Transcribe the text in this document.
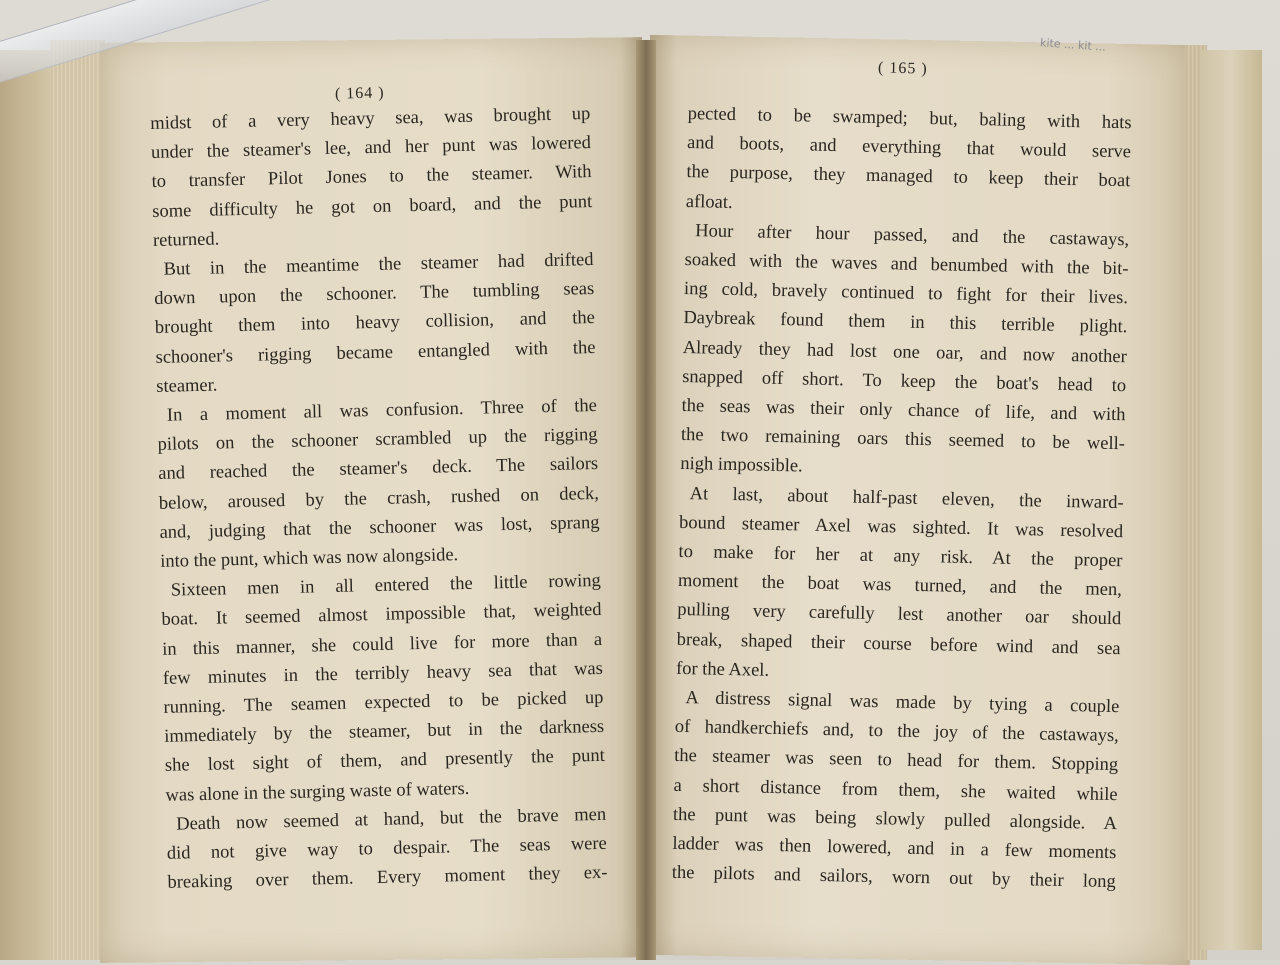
( 164 )
( 165 )
kite ... kit ...
midst of a very heavy sea, was brought up
under the steamer's lee, and her punt was lowered
to transfer Pilot Jones to the steamer. With
some difficulty he got on board, and the punt
returned.
But in the meantime the steamer had drifted
down upon the schooner. The tumbling seas
brought them into heavy collision, and the
schooner's rigging became entangled with the
steamer.
In a moment all was confusion. Three of the
pilots on the schooner scrambled up the rigging
and reached the steamer's deck. The sailors
below, aroused by the crash, rushed on deck,
and, judging that the schooner was lost, sprang
into the punt, which was now alongside.
Sixteen men in all entered the little rowing
boat. It seemed almost impossible that, weighted
in this manner, she could live for more than a
few minutes in the terribly heavy sea that was
running. The seamen expected to be picked up
immediately by the steamer, but in the darkness
she lost sight of them, and presently the punt
was alone in the surging waste of waters.
Death now seemed at hand, but the brave men
did not give way to despair. The seas were
breaking over them. Every moment they ex-
pected to be swamped; but, baling with hats
and boots, and everything that would serve
the purpose, they managed to keep their boat
afloat.
Hour after hour passed, and the castaways,
soaked with the waves and benumbed with the bit-
ing cold, bravely continued to fight for their lives.
Daybreak found them in this terrible plight.
Already they had lost one oar, and now another
snapped off short. To keep the boat's head to
the seas was their only chance of life, and with
the two remaining oars this seemed to be well-
nigh impossible.
At last, about half-past eleven, the inward-
bound steamer Axel was sighted. It was resolved
to make for her at any risk. At the proper
moment the boat was turned, and the men,
pulling very carefully lest another oar should
break, shaped their course before wind and sea
for the Axel.
A distress signal was made by tying a couple
of handkerchiefs and, to the joy of the castaways,
the steamer was seen to head for them. Stopping
a short distance from them, she waited while
the punt was being slowly pulled alongside. A
ladder was then lowered, and in a few moments
the pilots and sailors, worn out by their long
